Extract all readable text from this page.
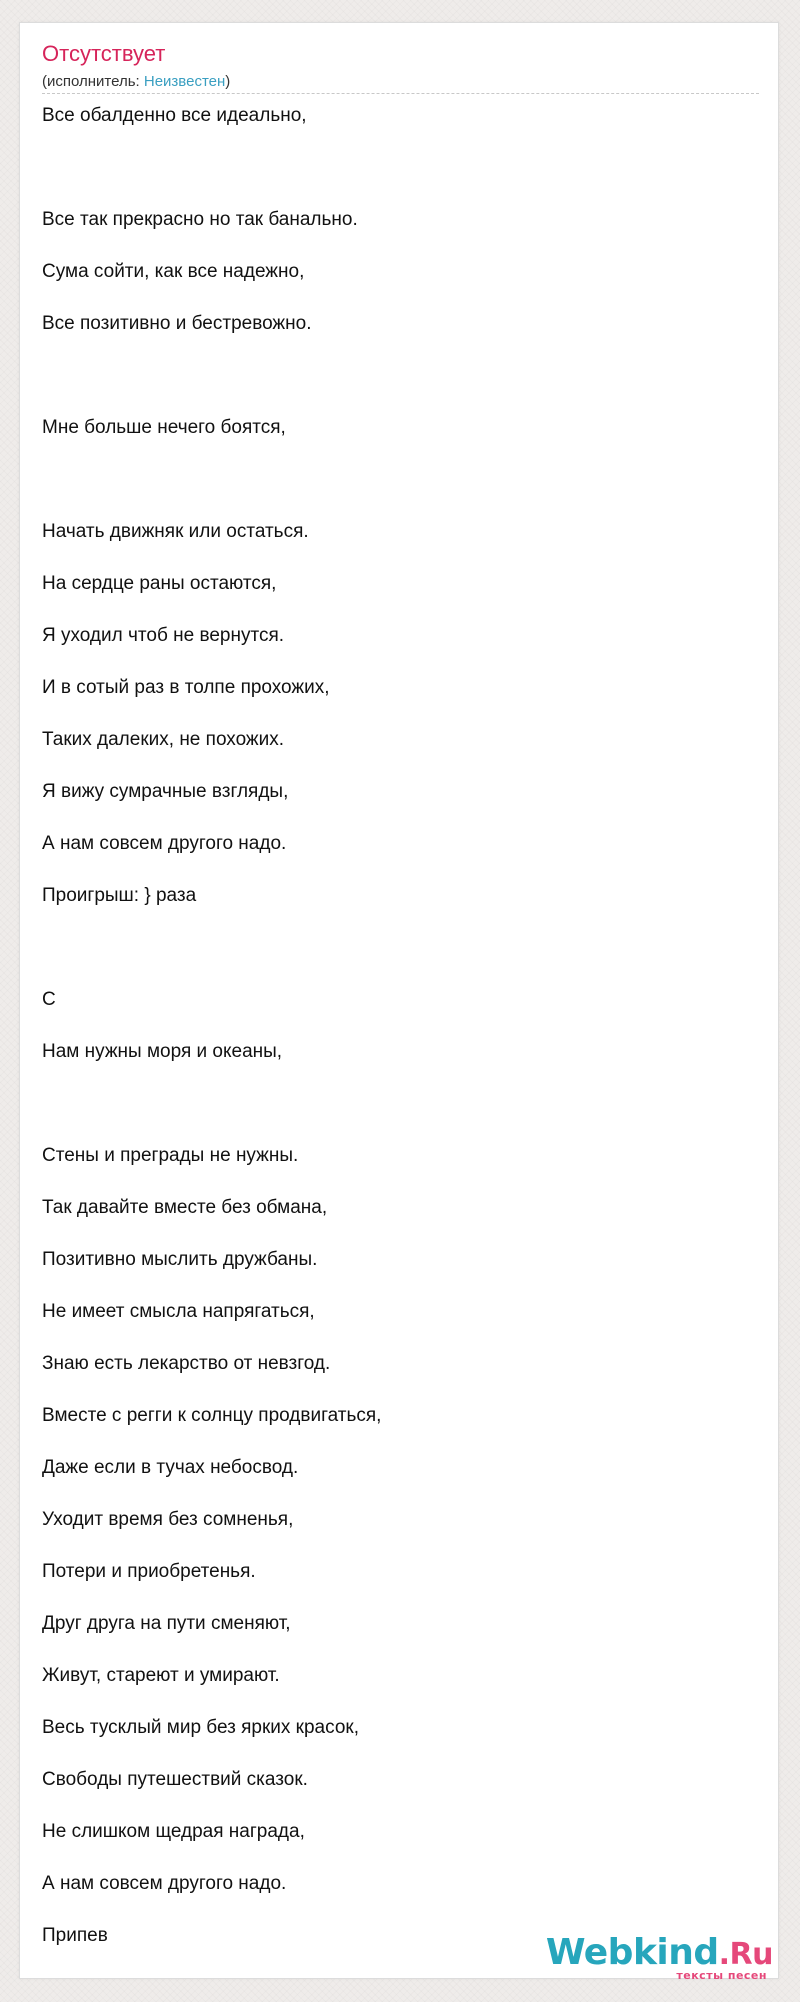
Отсутствует
(исполнитель: Неизвестен)
Все обалденно все идеально,
Все так прекрасно но так банально.
Сума сойти, как все надежно,
Все позитивно и бестревожно.
Мне больше нечего боятся,
Начать движняк или остаться.
На сердце раны остаются,
Я уходил чтоб не вернутся.
И в сотый раз в толпе прохожих,
Таких далеких, не похожих.
Я вижу сумрачные взгляды,
А нам совсем другого надо.
Проигрыш: } раза
C
Нам нужны моря и океаны,
Стены и преграды не нужны.
Так давайте вместе без обмана,
Позитивно мыслить дружбаны.
Не имеет смысла напрягаться,
Знаю есть лекарство от невзгод.
Вместе с регги к солнцу продвигаться,
Даже если в тучах небосвод.
Уходит время без сомненья,
Потери и приобретенья.
Друг друга на пути сменяют,
Живут, стареют и умирают.
Весь тусклый мир без ярких красок,
Свободы путешествий сказок.
Не слишком щедрая награда,
А нам совсем другого надо.
Припев	Webkind.Ru
тексты песен
